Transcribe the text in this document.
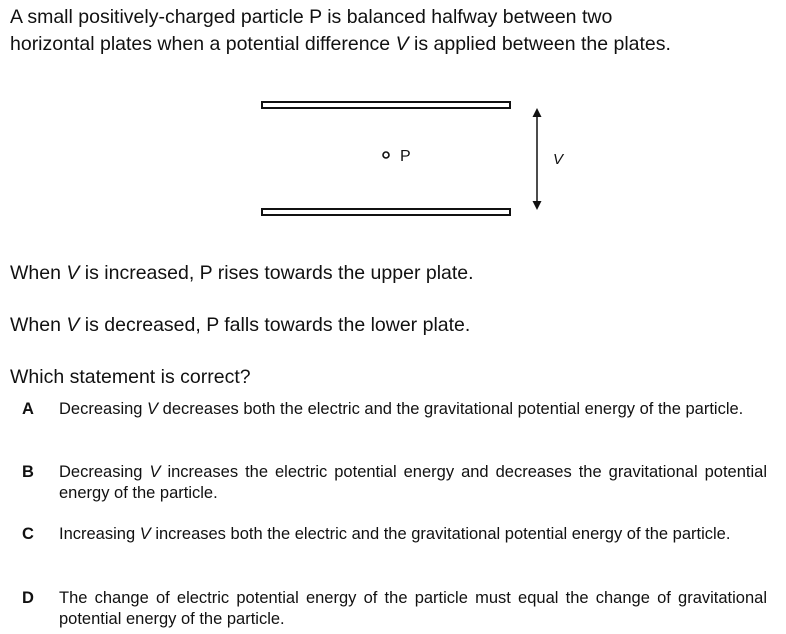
A small positively-charged particle P is balanced halfway between two
horizontal plates when a potential difference V is applied between the plates.

P	V

When V is increased, P rises towards the upper plate.

When V is decreased, P falls towards the lower plate.

Which statement is correct?

A Decreasing V decreases both the electric and the gravitational potential energy of the particle.
B Decreasing V increases the electric potential energy and decreases the gravitational potential energy of the particle.
C Increasing V increases both the electric and the gravitational potential energy of the particle.
D The change of electric potential energy of the particle must equal the change of gravitational potential energy of the particle.
